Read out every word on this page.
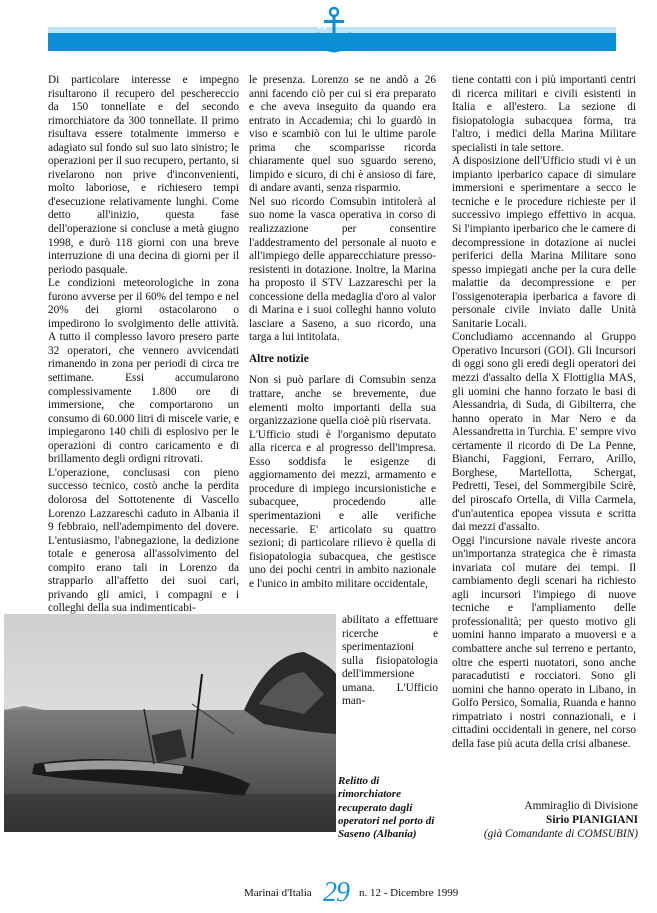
Di particolare interesse e impegno risultarono il recupero del peschereccio da 150 tonnellate e del secondo rimorchiatore da 300 tonnellate. Il primo risultava essere totalmente immerso e adagiato sul fondo sul suo lato sinistro; le operazioni per il suo recupero, pertanto, si rivelarono non prive d'inconvenienti, molto laboriose, e richiesero tempi d'esecuzione relativamente lunghi. Come detto all'inizio, questa fase dell'operazione si concluse a metà giugno 1998, e durò 118 giorni con una breve interruzione di una decina di giorni per il periodo pasquale.

Le condizioni meteorologiche in zona furono avverse per il 60% del tempo e nel 20% dei giorni ostacolarono o impedirono lo svolgimento delle attività. A tutto il complesso lavoro presero parte 32 operatori, che vennero avvicendati rimanendo in zona per periodi di circa tre settimane. Essi accumularono complessivamente 1.800 ore di immersione, che comportarono un consumo di 60.000 litri di miscele varie, e impiegarono 140 chili di esplosivo per le operazioni di contro caricamento e di brillamento degli ordigni ritrovati.

L'operazione, conclusasi con pieno successo tecnico, costò anche la perdita dolorosa del Sottotenente di Vascello Lorenzo Lazzareschi caduto in Albania il 9 febbraio, nell'adempimento del dovere. L'entusiasmo, l'abnegazione, la dedizione totale e generosa all'assolvimento del compito erano tali in Lorenzo da strapparlo all'affetto dei suoi cari, privando gli amici, i compagni e i colleghi della sua indimenticabi-

le presenza. Lorenzo se ne andò a 26 anni facendo ciò per cui si era preparato e che aveva inseguito da quando era entrato in Accademia; chi lo guardò in viso e scambiò con lui le ultime parole prima che scomparisse ricorda chiaramente quel suo sguardo sereno, limpido e sicuro, di chi è ansioso di fare, di andare avanti, senza risparmio.

Nel suo ricordo Comsubin intitolerà al suo nome la vasca operativa in corso di realizzazione per consentire l'addestramento del personale al nuoto e all'impiego delle apparecchiature presso-resistenti in dotazione. Inoltre, la Marina ha proposto il STV Lazzareschi per la concessione della medaglia d'oro al valor di Marina e i suoi colleghi hanno voluto lasciare a Saseno, a suo ricordo, una targa a lui intitolata.

Altre notizie

Non si può parlare di Comsubin senza trattare, anche se brevemente, due elementi molto importanti della sua organizzazione quella cioè più riservata.

L'Ufficio studi è l'organismo deputato alla ricerca e al progresso dell'impresa. Esso soddisfa le esigenze di aggiornamento dei mezzi, armamento e procedure di impiego incursionistiche e subacquee, procedendo alle sperimentazioni e alle verifiche necessarie. E' articolato su quattro sezioni; di particolare rilievo è quella di fisiopatologia subacquea, che gestisce uno dei pochi centri in ambito nazionale e l'unico in ambito militare occidentale,

abilitato a effettuare ricerche e sperimentazioni sulla fisiopatologia dell'immersione umana. L'Ufficio man-

tiene contatti con i più importanti centri di ricerca militari e civili esistenti in Italia e all'estero. La sezione di fisiopatologia subacquea forma, tra l'altro, i medici della Marina Militare specialisti in tale settore.

A disposizione dell'Ufficio studi vi è un impianto iperbarico capace di simulare immersioni e sperimentare a secco le tecniche e le procedure richieste per il successivo impiego effettivo in acqua. Si l'impianto iperbarico che le camere di decompressione in dotazione ai nuclei periferici della Marina Militare sono spesso impiegati anche per la cura delle malattie da decompressione e per l'ossigenoterapia iperbarica a favore di personale civile inviato dalle Unità Sanitarie Locali.

Concludiamo accennando al Gruppo Operativo Incursori (GOI). Gli Incursori di oggi sono gli eredi degli operatori dei mezzi d'assalto della X Flottiglia MAS, gli uomini che hanno forzato le basi di Alessandria, di Suda, di Gibilterra, che hanno operato in Mar Nero e da Alessandretta in Turchia. E' sempre vivo certamente il ricordo di De La Penne, Bianchi, Faggioni, Ferraro, Arillo, Borghese, Martellotta, Schergat, Pedretti, Tesei, del Sommergibile Scirè, del piroscafo Ortella, di Villa Carmela, d'un'autentica epopea vissuta e scritta dai mezzi d'assalto.

Oggi l'incursione navale riveste ancora un'importanza strategica che è rimasta invariata col mutare dei tempi. Il cambiamento degli scenari ha richiesto agli incursori l'impiego di nuove tecniche e l'ampliamento delle professionalità; per questo motivo gli uomini hanno imparato a muoversi e a combattere anche sul terreno e pertanto, oltre che esperti nuotatori, sono anche paracadutisti e rocciatori. Sono gli uomini che hanno operato in Libano, in Golfo Persico, Somalia, Ruanda e hanno rimpatriato i nostri connazionali, e i cittadini occidentali in genere, nel corso della fase più acuta della crisi albanese.

Relitto di rimorchiatore recuperato dagli operatori nel porto di Saseno (Albania)
Ammiraglio di Divisione
Sirio PIANIGIANI
(già Comandante di COMSUBIN)
Marinai d'Italia 29 n. 12 - Dicembre 1999
